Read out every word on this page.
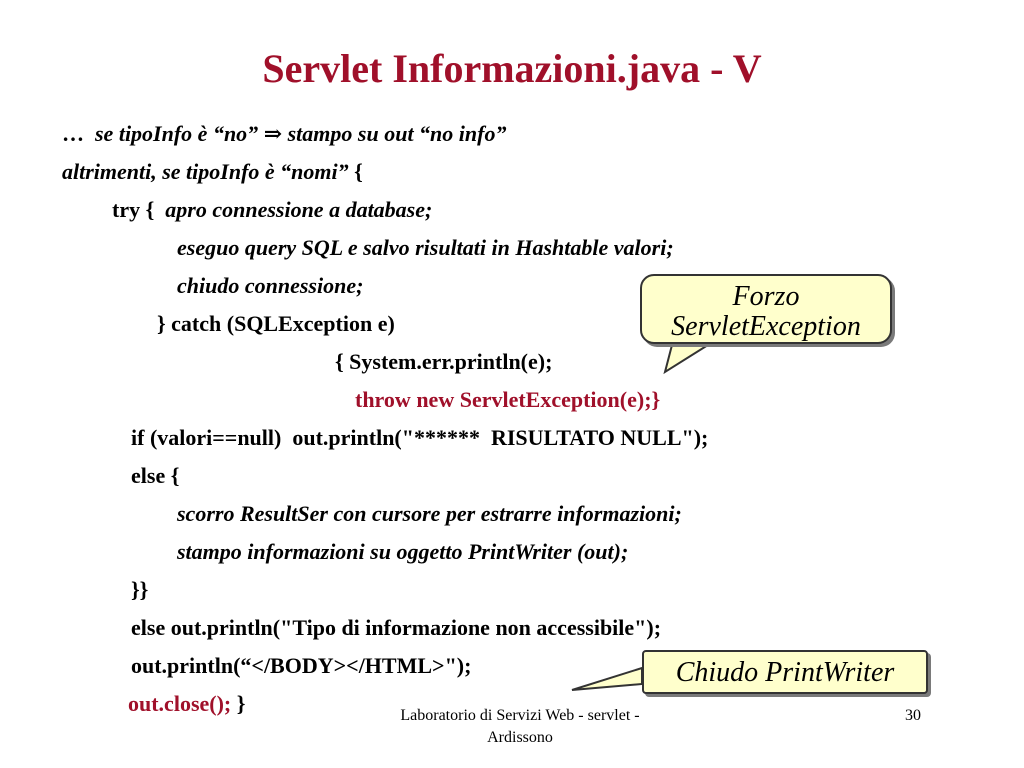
Servlet Informazioni.java - V
…  se tipoInfo è “no” ⇒ stampo su out “no info”
altrimenti, se tipoInfo è “nomi” {
try {  apro connessione a database;
eseguo query SQL e salvo risultati in Hashtable valori;
chiudo connessione;
} catch (SQLException e)
{ System.err.println(e);
throw new ServletException(e);}
if (valori==null)  out.println("******  RISULTATO NULL");
else {
scorro ResultSer con cursore per estrarre informazioni;
stampo informazioni su oggetto PrintWriter (out);
}}
else out.println("Tipo di informazione non accessibile");
out.println(“</BODY></HTML>");
out.close(); }
Forzo
ServletException
Chiudo PrintWriter
Laboratorio di Servizi Web - servlet -
Ardissono
30
